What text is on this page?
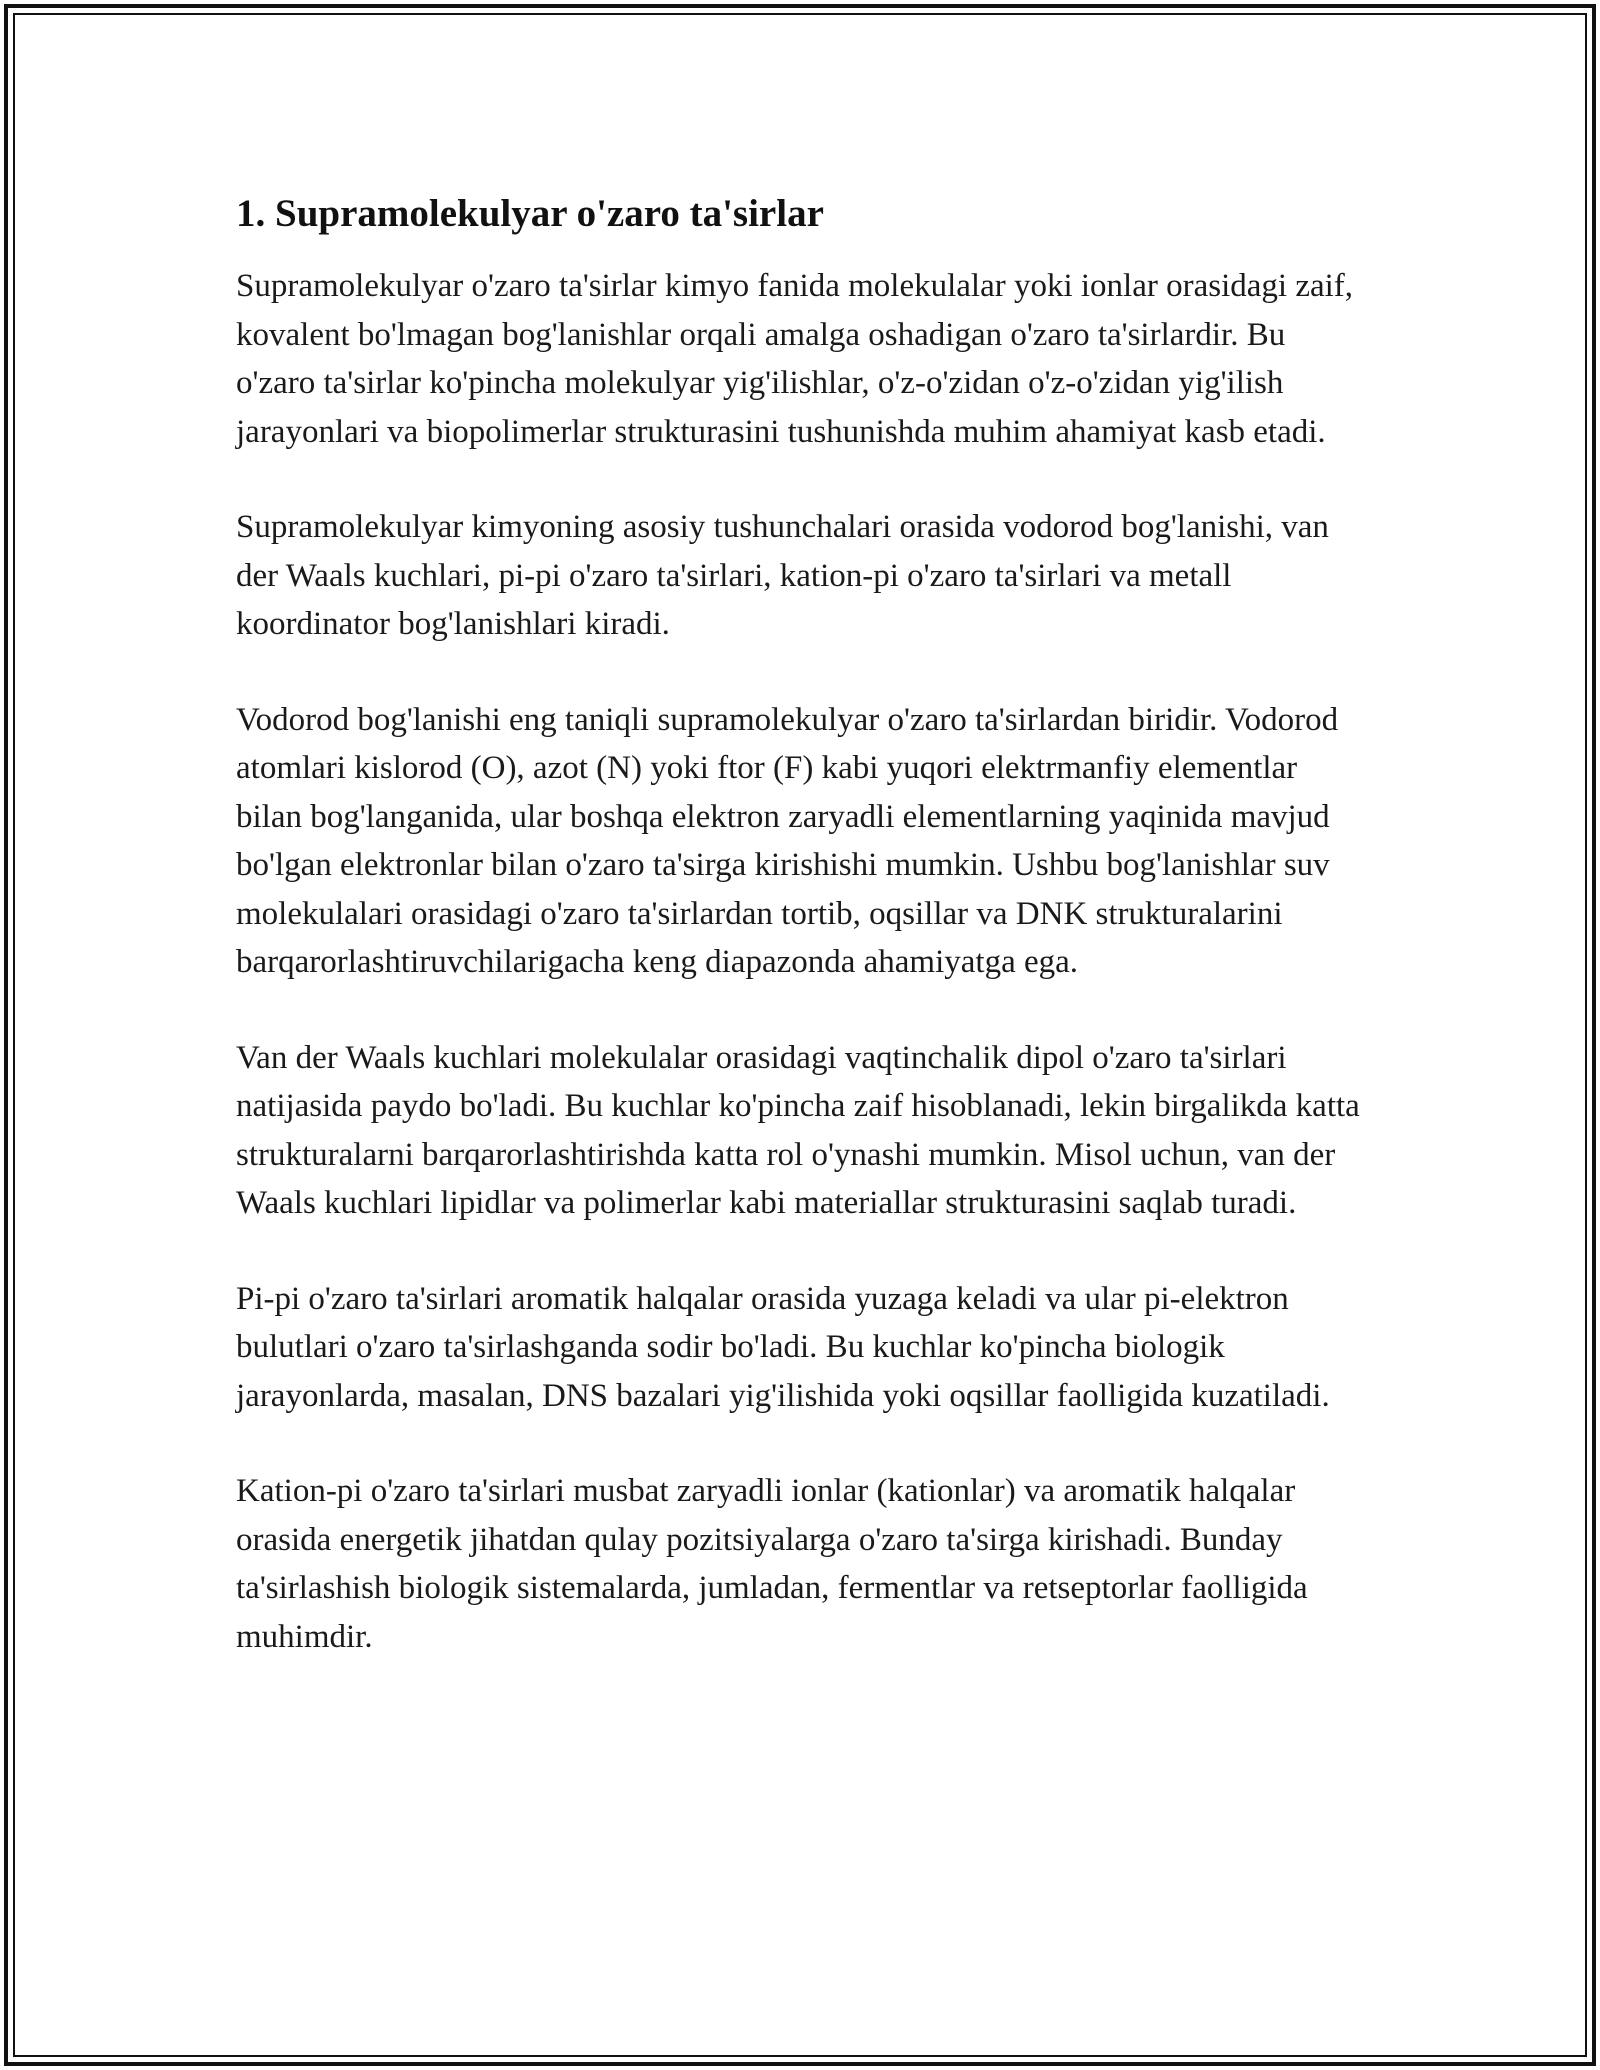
1. Supramolekulyar o'zaro ta'sirlar

Supramolekulyar o'zaro ta'sirlar kimyo fanida molekulalar yoki ionlar orasidagi zaif, kovalent bo'lmagan bog'lanishlar orqali amalga oshadigan o'zaro ta'sirlardir. Bu o'zaro ta'sirlar ko'pincha molekulyar yig'ilishlar, o'z-o'zidan o'z-o'zidan yig'ilish jarayonlari va biopolimerlar strukturasini tushunishda muhim ahamiyat kasb etadi.

Supramolekulyar kimyoning asosiy tushunchalari orasida vodorod bog'lanishi, van der Waals kuchlari, pi-pi o'zaro ta'sirlari, kation-pi o'zaro ta'sirlari va metall koordinator bog'lanishlari kiradi.

Vodorod bog'lanishi eng taniqli supramolekulyar o'zaro ta'sirlardan biridir. Vodorod atomlari kislorod (O), azot (N) yoki ftor (F) kabi yuqori elektrmanfiy elementlar bilan bog'langanida, ular boshqa elektron zaryadli elementlarning yaqinida mavjud bo'lgan elektronlar bilan o'zaro ta'sirga kirishishi mumkin. Ushbu bog'lanishlar suv molekulalari orasidagi o'zaro ta'sirlardan tortib, oqsillar va DNK strukturalarini barqarorlashtiruvchilarigacha keng diapazonda ahamiyatga ega.

Van der Waals kuchlari molekulalar orasidagi vaqtinchalik dipol o'zaro ta'sirlari natijasida paydo bo'ladi. Bu kuchlar ko'pincha zaif hisoblanadi, lekin birgalikda katta strukturalarni barqarorlashtirishda katta rol o'ynashi mumkin. Misol uchun, van der Waals kuchlari lipidlar va polimerlar kabi materiallar strukturasini saqlab turadi.

Pi-pi o'zaro ta'sirlari aromatik halqalar orasida yuzaga keladi va ular pi-elektron bulutlari o'zaro ta'sirlashganda sodir bo'ladi. Bu kuchlar ko'pincha biologik jarayonlarda, masalan, DNS bazalari yig'ilishida yoki oqsillar faolligida kuzatiladi.

Kation-pi o'zaro ta'sirlari musbat zaryadli ionlar (kationlar) va aromatik halqalar orasida energetik jihatdan qulay pozitsiyalarga o'zaro ta'sirga kirishadi. Bunday ta'sirlashish biologik sistemalarda, jumladan, fermentlar va retseptorlar faolligida muhimdir.
